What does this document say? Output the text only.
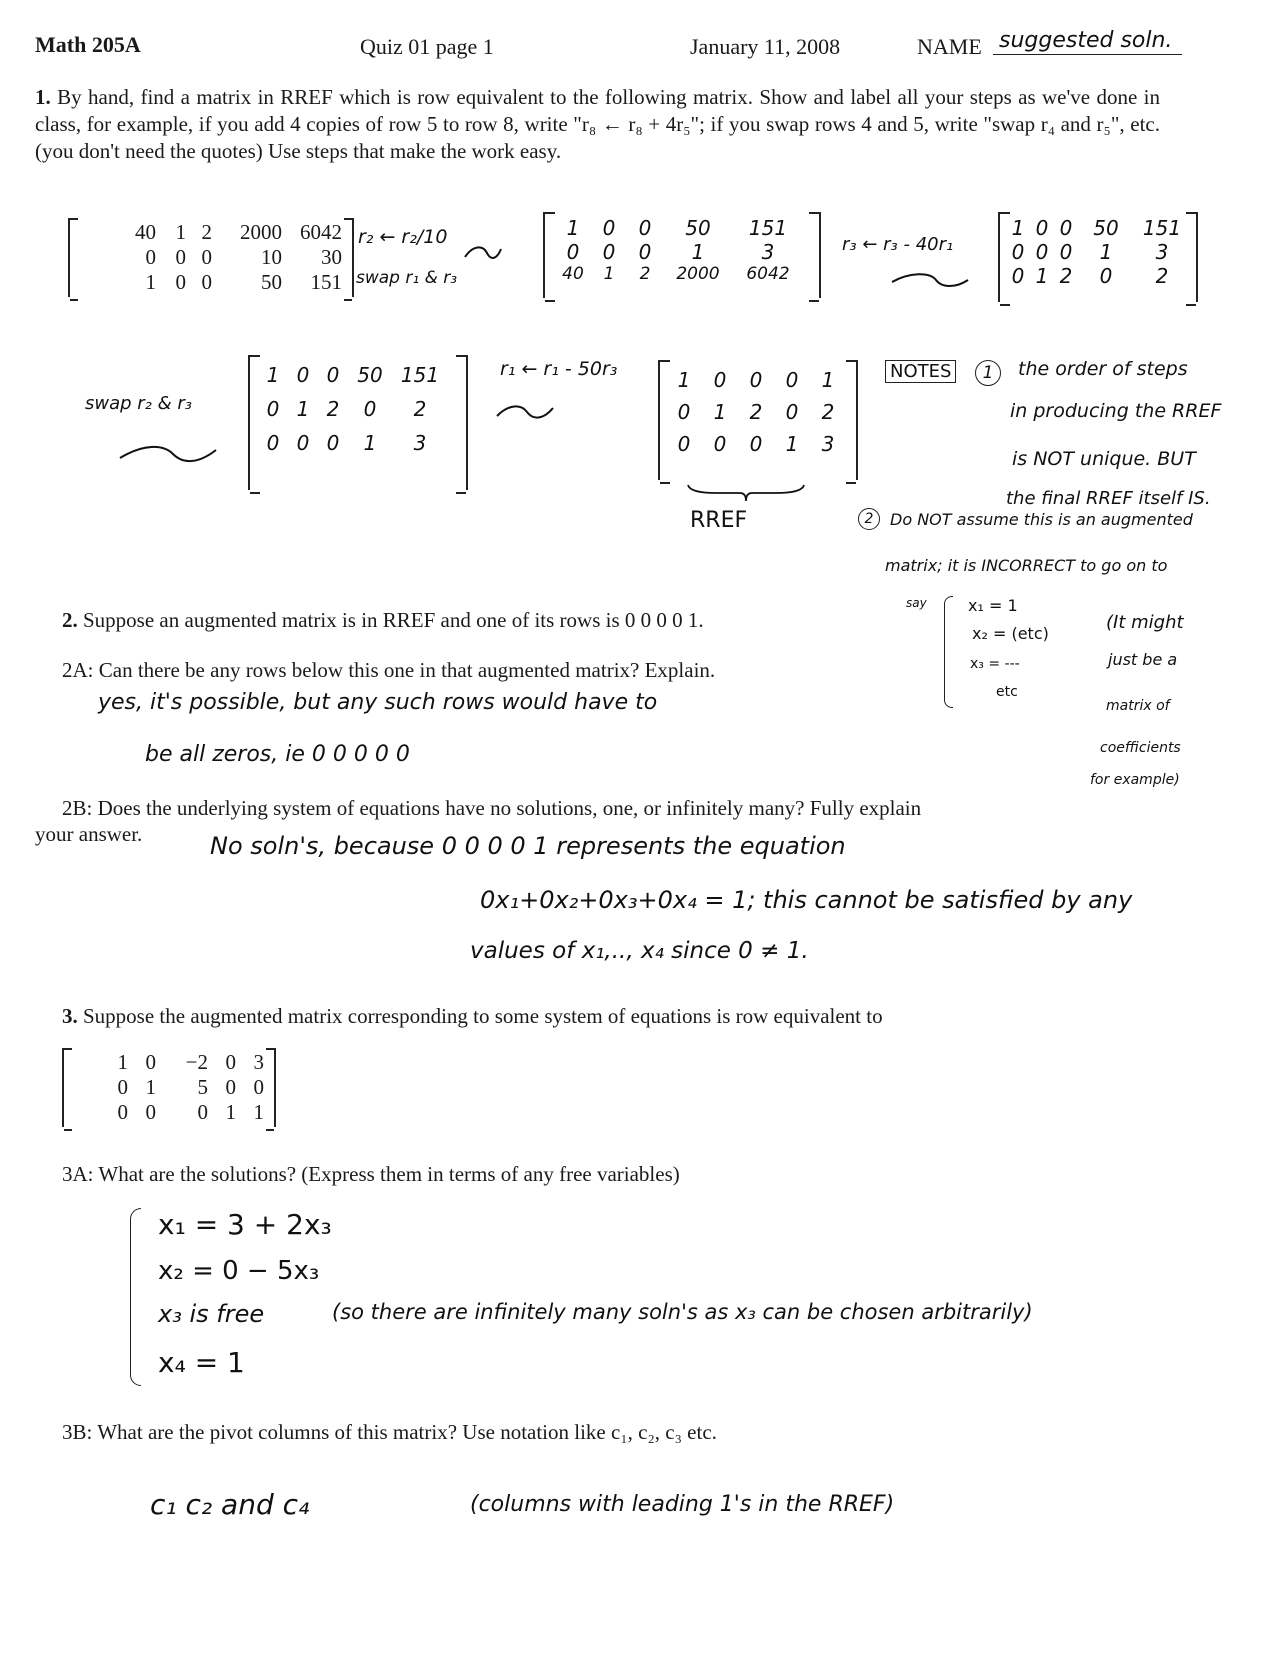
Math 205A	Quiz 01 page 1	January 11, 2008	NAME suggested soln.
1. By hand, find a matrix in RREF which is row equivalent to the following matrix. Show and label all your steps as we've done in class, for example, if you add 4 copies of row 5 to row 8, write "r₈ ← r₈ + 4r₅"; if you swap rows 4 and 5, write "swap r₄ and r₅", etc. (you don't need the quotes) Use steps that make the work easy.
40 1 2	2000 6042
0 0 0	10	30
1 0 0	50	151
r₂ ← r₂/10
swap r₁ & r₃
1	0	0	50	151
0	0	0	1	3
40	1	2	2000	6042
r₃ ← r₃ - 40r₁
1 0 0	50	151
0 0 0	1	3
0 1 2	0	2
swap r₂ & r₃
1 0 0 50 151
0 1 2	0	2
0 0 0	1	3
r₁ ← r₁ - 50r₃	1	0	0	0	1
0	1	2	0	2
0	0	0	1	3
RREF
NOTES	1	the order of steps
in producing the RREF
is NOT unique. BUT
the final RREF itself IS.
2	Do NOT assume this is an augmented
matrix; it is INCORRECT to go on to
say	x₁ = 1
x₂ = (etc)
x₃ = ---
etc
(It might
just be a
matrix of
coefficients
for example)
2. Suppose an augmented matrix is in RREF and one of its rows is 0 0 0 0 1.
2A: Can there be any rows below this one in that augmented matrix? Explain.
yes, it's possible, but any such rows would have to
be all zeros, ie 0 0 0 0 0
2B: Does the underlying system of equations have no solutions, one, or infinitely many? Fully explain
your answer.	No soln's, because 0 0 0 0 1 represents the equation
0x₁+0x₂+0x₃+0x₄ = 1; this cannot be satisfied by any
values of x₁,.., x₄ since 0 ≠ 1.
3. Suppose the augmented matrix corresponding to some system of equations is row equivalent to
1 0	−2 0 3
0 1	5 0 0
0 0	0 1 1
3A: What are the solutions? (Express them in terms of any free variables)
x₁ = 3 + 2x₃
x₂ = 0 − 5x₃
x₃ is free
x₄ = 1
(so there are infinitely many soln's as x₃ can be chosen arbitrarily)
3B: What are the pivot columns of this matrix? Use notation like c₁, c₂, c₃ etc.
c₁ c₂ and c₄	(columns with leading 1's in the RREF)
